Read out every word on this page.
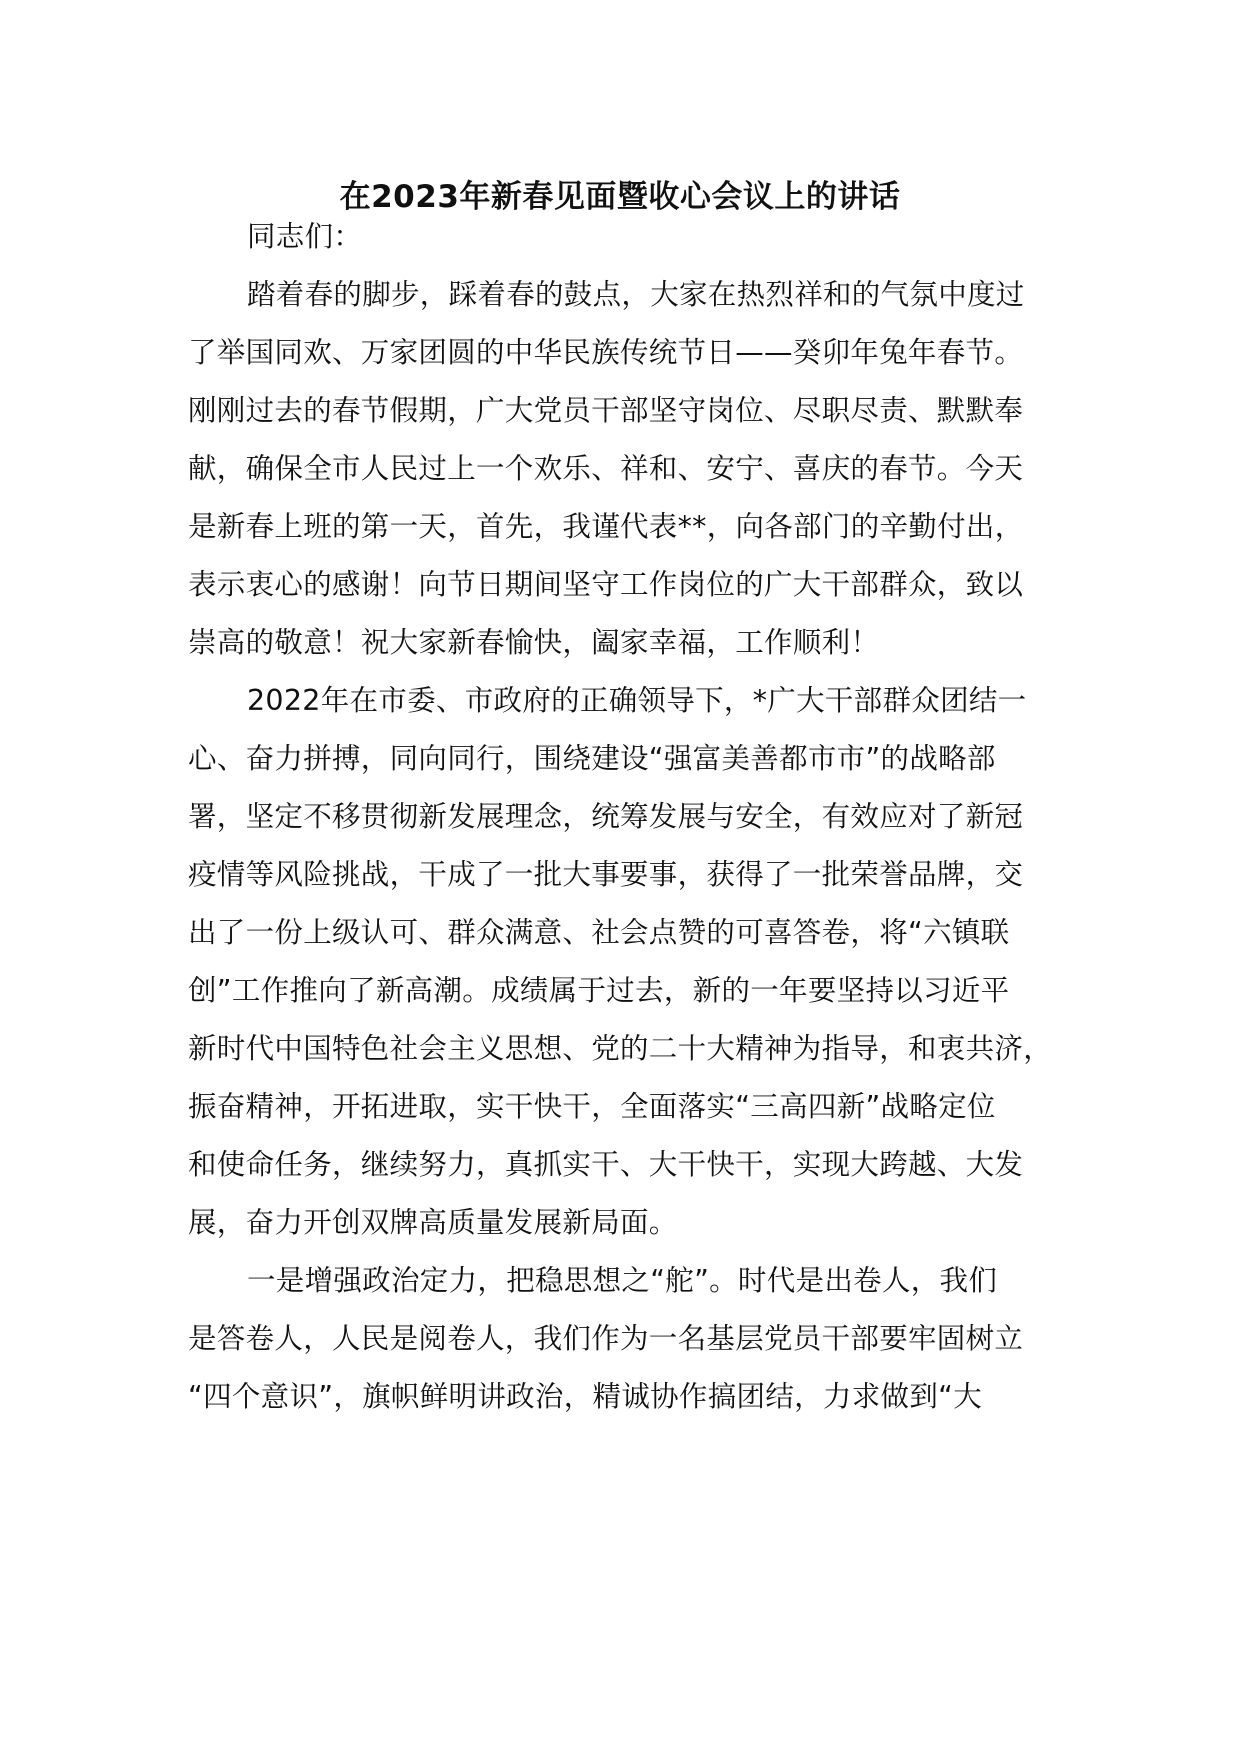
在2023年新春见面暨收心会议上的讲话
同志们：
踏着春的脚步，踩着春的鼓点，大家在热烈祥和的气氛中度过
了举国同欢、万家团圆的中华民族传统节日——癸卯年兔年春节。
刚刚过去的春节假期，广大党员干部坚守岗位、尽职尽责、默默奉
献，确保全市人民过上一个欢乐、祥和、安宁、喜庆的春节。今天
是新春上班的第一天，首先，我谨代表**，向各部门的辛勤付出，
表示衷心的感谢！向节日期间坚守工作岗位的广大干部群众，致以
崇高的敬意！祝大家新春愉快，阖家幸福，工作顺利！
2022年在市委、市政府的正确领导下，*广大干部群众团结一
心、奋力拼搏，同向同行，围绕建设“强富美善都市市”的战略部
署，坚定不移贯彻新发展理念，统筹发展与安全，有效应对了新冠
疫情等风险挑战，干成了一批大事要事，获得了一批荣誉品牌，交
出了一份上级认可、群众满意、社会点赞的可喜答卷，将“六镇联
创”工作推向了新高潮。成绩属于过去，新的一年要坚持以习近平
新时代中国特色社会主义思想、党的二十大精神为指导，和衷共济，
振奋精神，开拓进取，实干快干，全面落实“三高四新”战略定位
和使命任务，继续努力，真抓实干、大干快干，实现大跨越、大发
展，奋力开创双牌高质量发展新局面。
一是增强政治定力，把稳思想之“舵”。时代是出卷人，我们
是答卷人，人民是阅卷人，我们作为一名基层党员干部要牢固树立
“四个意识”，旗帜鲜明讲政治，精诚协作搞团结，力求做到“大
